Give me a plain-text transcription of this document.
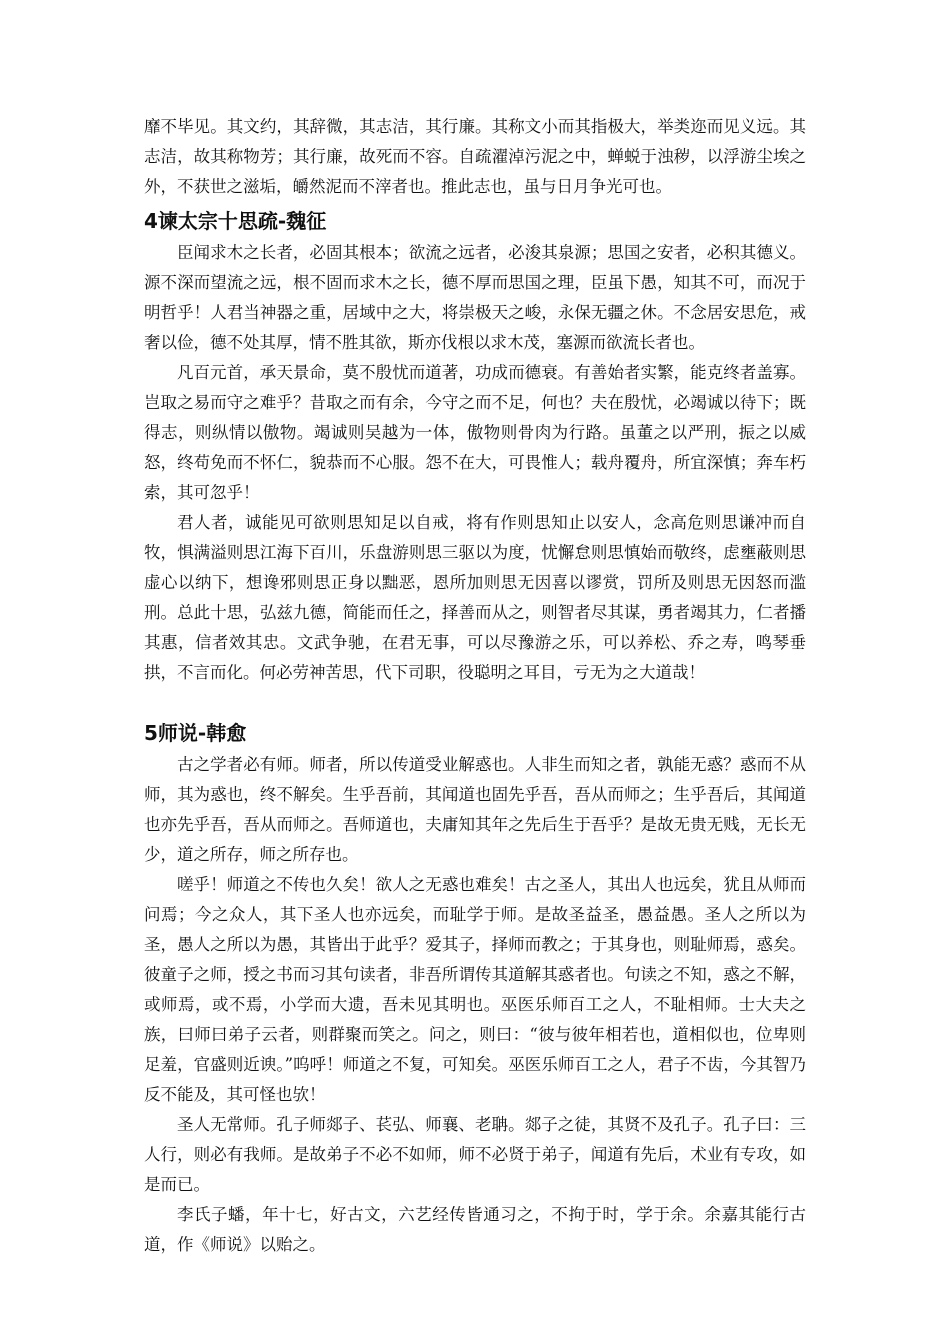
靡不毕见。其文约，其辞微，其志洁，其行廉。其称文小而其指极大，举类迩而见义远。其志洁，故其称物芳；其行廉，故死而不容。自疏濯淖污泥之中，蝉蜕于浊秽，以浮游尘埃之外，不获世之滋垢，皭然泥而不滓者也。推此志也，虽与日月争光可也。

4谏太宗十思疏-魏征

臣闻求木之长者，必固其根本；欲流之远者，必浚其泉源；思国之安者，必积其德义。源不深而望流之远，根不固而求木之长，德不厚而思国之理，臣虽下愚，知其不可，而况于明哲乎！人君当神器之重，居域中之大，将崇极天之峻，永保无疆之休。不念居安思危，戒奢以俭，德不处其厚，情不胜其欲，斯亦伐根以求木茂，塞源而欲流长者也。

凡百元首，承天景命，莫不殷忧而道著，功成而德衰。有善始者实繁，能克终者盖寡。岂取之易而守之难乎？昔取之而有余，今守之而不足，何也？夫在殷忧，必竭诚以待下；既得志，则纵情以傲物。竭诚则吴越为一体，傲物则骨肉为行路。虽董之以严刑，振之以威怒，终苟免而不怀仁，貌恭而不心服。怨不在大，可畏惟人；载舟覆舟，所宜深慎；奔车朽索，其可忽乎！

君人者，诚能见可欲则思知足以自戒，将有作则思知止以安人，念高危则思谦冲而自牧，惧满溢则思江海下百川，乐盘游则思三驱以为度，忧懈怠则思慎始而敬终，虑壅蔽则思虚心以纳下，想谗邪则思正身以黜恶，恩所加则思无因喜以谬赏，罚所及则思无因怒而滥刑。总此十思，弘兹九德，简能而任之，择善而从之，则智者尽其谋，勇者竭其力，仁者播其惠，信者效其忠。文武争驰，在君无事，可以尽豫游之乐，可以养松、乔之寿，鸣琴垂拱，不言而化。何必劳神苦思，代下司职，役聪明之耳目，亏无为之大道哉！

5师说-韩愈

古之学者必有师。师者，所以传道受业解惑也。人非生而知之者，孰能无惑？惑而不从师，其为惑也，终不解矣。生乎吾前，其闻道也固先乎吾，吾从而师之；生乎吾后，其闻道也亦先乎吾，吾从而师之。吾师道也，夫庸知其年之先后生于吾乎？是故无贵无贱，无长无少，道之所存，师之所存也。

嗟乎！师道之不传也久矣！欲人之无惑也难矣！古之圣人，其出人也远矣，犹且从师而问焉；今之众人，其下圣人也亦远矣，而耻学于师。是故圣益圣，愚益愚。圣人之所以为圣，愚人之所以为愚，其皆出于此乎？爱其子，择师而教之；于其身也，则耻师焉，惑矣。彼童子之师，授之书而习其句读者，非吾所谓传其道解其惑者也。句读之不知，惑之不解，或师焉，或不焉，小学而大遗，吾未见其明也。巫医乐师百工之人，不耻相师。士大夫之族，曰师曰弟子云者，则群聚而笑之。问之，则曰：“彼与彼年相若也，道相似也，位卑则足羞，官盛则近谀。”呜呼！师道之不复，可知矣。巫医乐师百工之人，君子不齿，今其智乃反不能及，其可怪也欤！

圣人无常师。孔子师郯子、苌弘、师襄、老聃。郯子之徒，其贤不及孔子。孔子曰：三人行，则必有我师。是故弟子不必不如师，师不必贤于弟子，闻道有先后，术业有专攻，如是而已。

李氏子蟠，年十七，好古文，六艺经传皆通习之，不拘于时，学于余。余嘉其能行古道，作《师说》以贻之。
